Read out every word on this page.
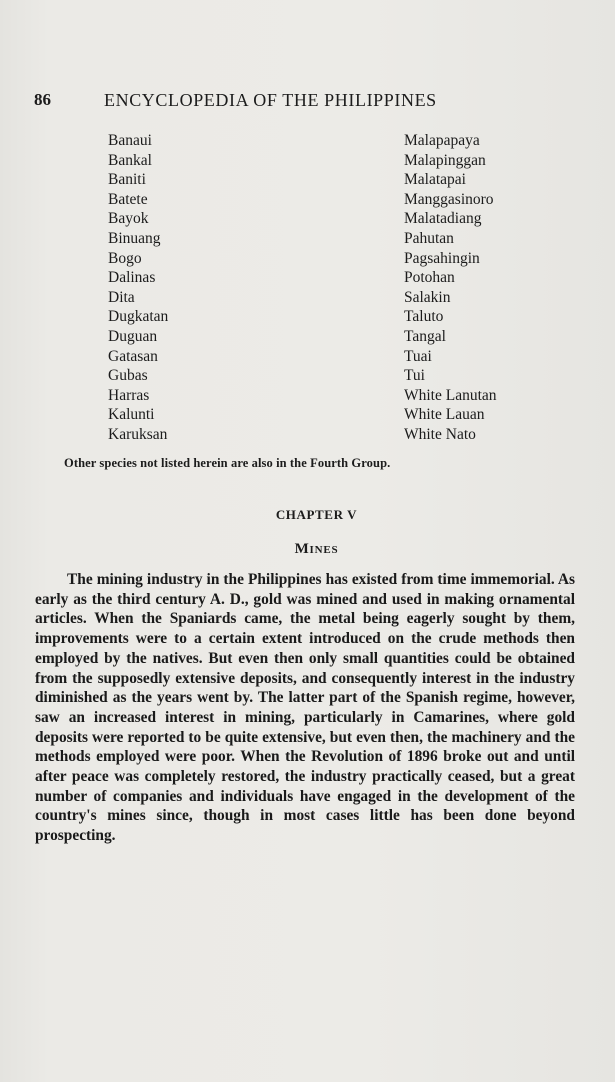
86	ENCYCLOPEDIA OF THE PHILIPPINES
Banaui
Bankal
Baniti
Batete
Bayok
Binuang
Bogo
Dalinas
Dita
Dugkatan
Duguan
Gatasan
Gubas
Harras
Kalunti
Karuksan
Malapapaya
Malapinggan
Malatapai
Manggasinoro
Malatadiang
Pahutan
Pagsahingin
Potohan
Salakin
Taluto
Tangal
Tuai
Tui
White Lanutan
White Lauan
White Nato
Other species not listed herein are also in the Fourth Group.
CHAPTER V
Mines

The mining industry in the Philippines has existed from time immemorial. As early as the third century A. D., gold was mined and used in making ornamental articles. When the Spaniards came, the metal being eagerly sought by them, improvements were to a certain extent introduced on the crude methods then employed by the natives. But even then only small quantities could be obtained from the supposedly extensive deposits, and consequently interest in the industry diminished as the years went by. The latter part of the Spanish regime, however, saw an increased interest in mining, particularly in Camarines, where gold deposits were reported to be quite extensive, but even then, the machinery and the methods employed were poor. When the Revolution of 1896 broke out and until after peace was completely restored, the industry practically ceased, but a great number of companies and individuals have engaged in the development of the country's mines since, though in most cases little has been done beyond prospecting.
